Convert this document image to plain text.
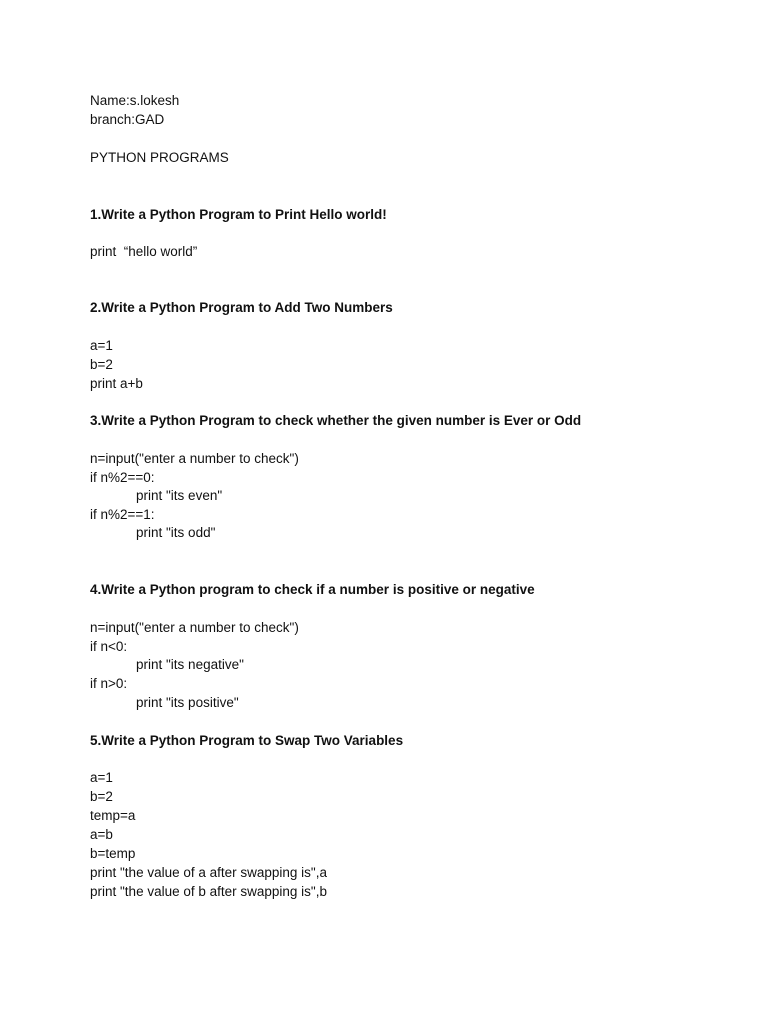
Name:s.lokesh
branch:GAD
PYTHON PROGRAMS
1.Write a Python Program to Print Hello world!
print  “hello world”
2.Write a Python Program to Add Two Numbers
a=1
b=2
print a+b
3.Write a Python Program to check whether the given number is Ever or Odd
n=input("enter a number to check")
if n%2==0:
print "its even"
if n%2==1:
print "its odd"
4.Write a Python program to check if a number is positive or negative
n=input("enter a number to check")
if n<0:
print "its negative"
if n>0:
print "its positive"
5.Write a Python Program to Swap Two Variables
a=1
b=2
temp=a
a=b
b=temp
print "the value of a after swapping is",a
print "the value of b after swapping is",b
